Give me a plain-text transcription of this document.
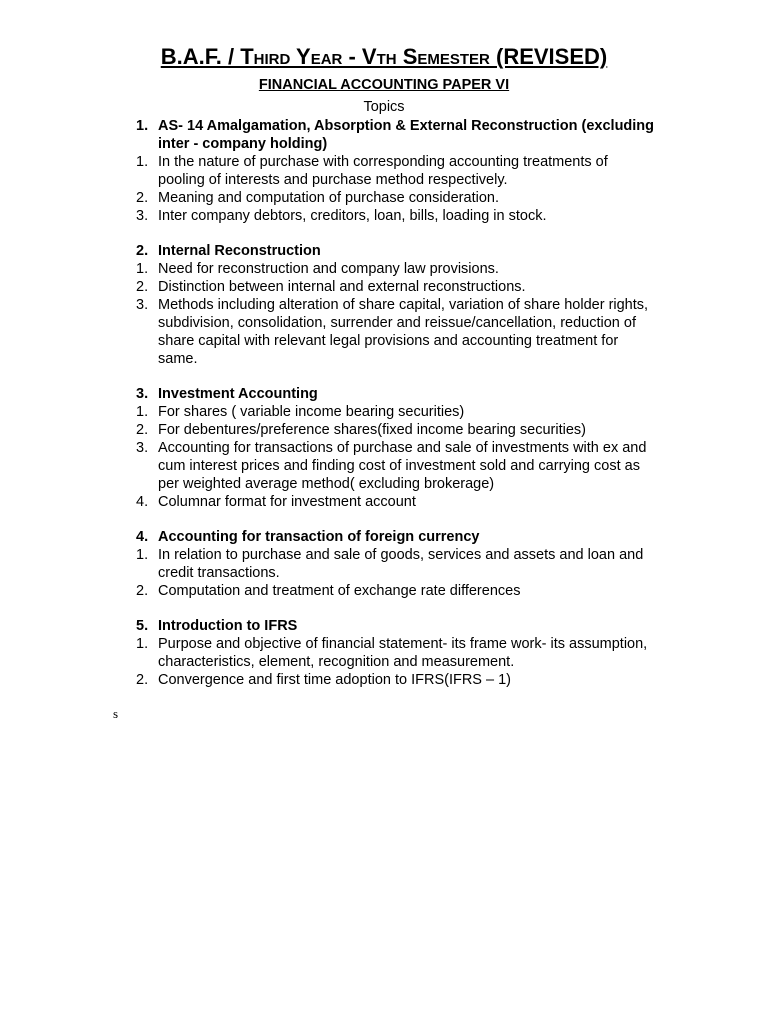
B.A.F. / Third Year - Vth Semester (REVISED)
FINANCIAL ACCOUNTING PAPER VI
Topics
1. AS- 14 Amalgamation, Absorption & External Reconstruction (excluding inter - company holding)
1. In the nature of purchase with corresponding accounting treatments of pooling of interests and purchase method respectively.
2. Meaning and computation of purchase consideration.
3. Inter company debtors, creditors, loan, bills, loading in stock.
2. Internal Reconstruction
1. Need for reconstruction and company law provisions.
2. Distinction between internal and external reconstructions.
3. Methods including alteration of share capital, variation of share holder rights, subdivision, consolidation, surrender and reissue/cancellation, reduction of share capital with relevant legal provisions and accounting treatment for same.
3. Investment Accounting
1. For shares ( variable income bearing securities)
2. For debentures/preference shares(fixed income bearing securities)
3. Accounting for transactions of purchase and sale of investments with ex and cum interest prices and finding cost of investment sold and carrying cost as per weighted average method( excluding brokerage)
4. Columnar format for investment account
4. Accounting for transaction of foreign currency
1. In relation to purchase and sale of goods, services and assets and loan and credit transactions.
2. Computation and treatment of exchange rate differences
5. Introduction to IFRS
1. Purpose and objective of financial statement- its frame work- its assumption, characteristics, element, recognition and measurement.
2. Convergence and first time adoption to IFRS(IFRS – 1)
s
